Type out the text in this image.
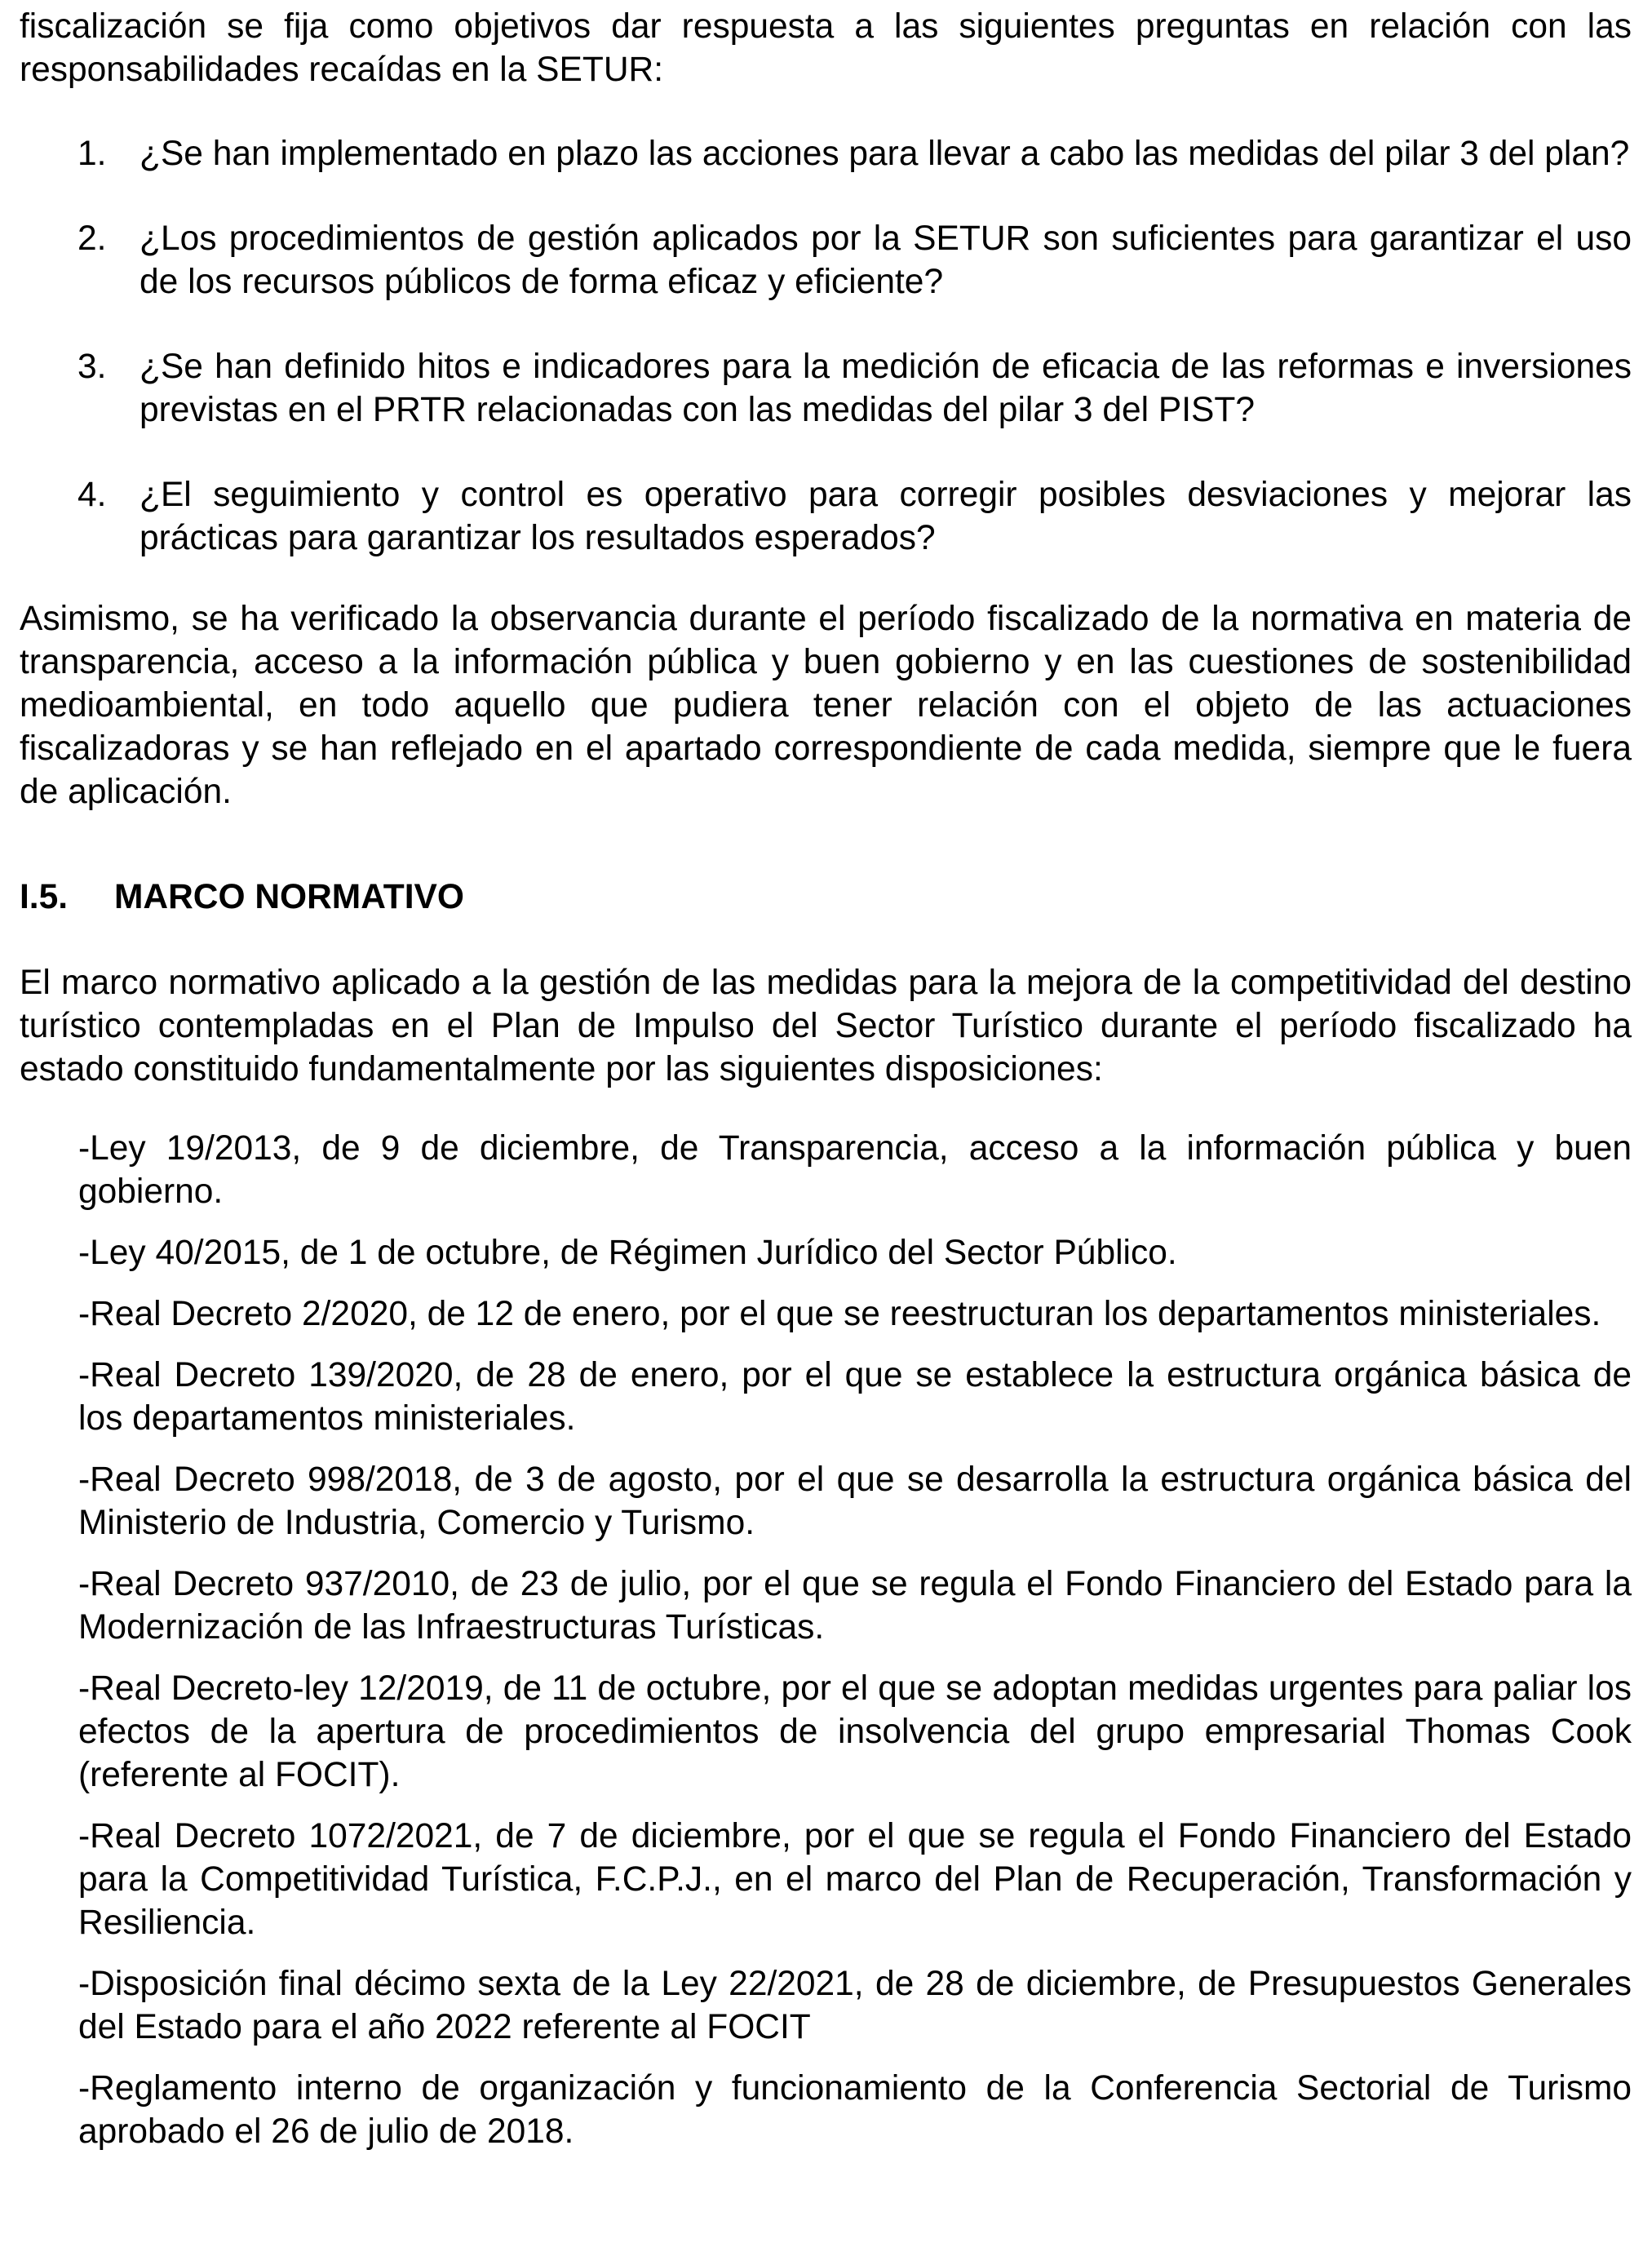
fiscalización se fija como objetivos dar respuesta a las siguientes preguntas en relación con las responsabilidades recaídas en la SETUR:

1. ¿Se han implementado en plazo las acciones para llevar a cabo las medidas del pilar 3 del plan?
2. ¿Los procedimientos de gestión aplicados por la SETUR son suficientes para garantizar el uso de los recursos públicos de forma eficaz y eficiente?
3. ¿Se han definido hitos e indicadores para la medición de eficacia de las reformas e inversiones previstas en el PRTR relacionadas con las medidas del pilar 3 del PIST?
4. ¿El seguimiento y control es operativo para corregir posibles desviaciones y mejorar las prácticas para garantizar los resultados esperados?

Asimismo, se ha verificado la observancia durante el período fiscalizado de la normativa en materia de transparencia, acceso a la información pública y buen gobierno y en las cuestiones de sostenibilidad medioambiental, en todo aquello que pudiera tener relación con el objeto de las actuaciones fiscalizadoras y se han reflejado en el apartado correspondiente de cada medida, siempre que le fuera de aplicación.

I.5.	MARCO NORMATIVO

El marco normativo aplicado a la gestión de las medidas para la mejora de la competitividad del destino turístico contempladas en el Plan de Impulso del Sector Turístico durante el período fiscalizado ha estado constituido fundamentalmente por las siguientes disposiciones:

-Ley 19/2013, de 9 de diciembre, de Transparencia, acceso a la información pública y buen gobierno.
-Ley 40/2015, de 1 de octubre, de Régimen Jurídico del Sector Público.
-Real Decreto 2/2020, de 12 de enero, por el que se reestructuran los departamentos ministeriales.
-Real Decreto 139/2020, de 28 de enero, por el que se establece la estructura orgánica básica de los departamentos ministeriales.
-Real Decreto 998/2018, de 3 de agosto, por el que se desarrolla la estructura orgánica básica del Ministerio de Industria, Comercio y Turismo.
-Real Decreto 937/2010, de 23 de julio, por el que se regula el Fondo Financiero del Estado para la Modernización de las Infraestructuras Turísticas.
-Real Decreto-ley 12/2019, de 11 de octubre, por el que se adoptan medidas urgentes para paliar los efectos de la apertura de procedimientos de insolvencia del grupo empresarial Thomas Cook (referente al FOCIT).
-Real Decreto 1072/2021, de 7 de diciembre, por el que se regula el Fondo Financiero del Estado para la Competitividad Turística, F.C.P.J., en el marco del Plan de Recuperación, Transformación y Resiliencia.
-Disposición final décimo sexta de la Ley 22/2021, de 28 de diciembre, de Presupuestos Generales del Estado para el año 2022 referente al FOCIT
-Reglamento interno de organización y funcionamiento de la Conferencia Sectorial de Turismo aprobado el 26 de julio de 2018.
